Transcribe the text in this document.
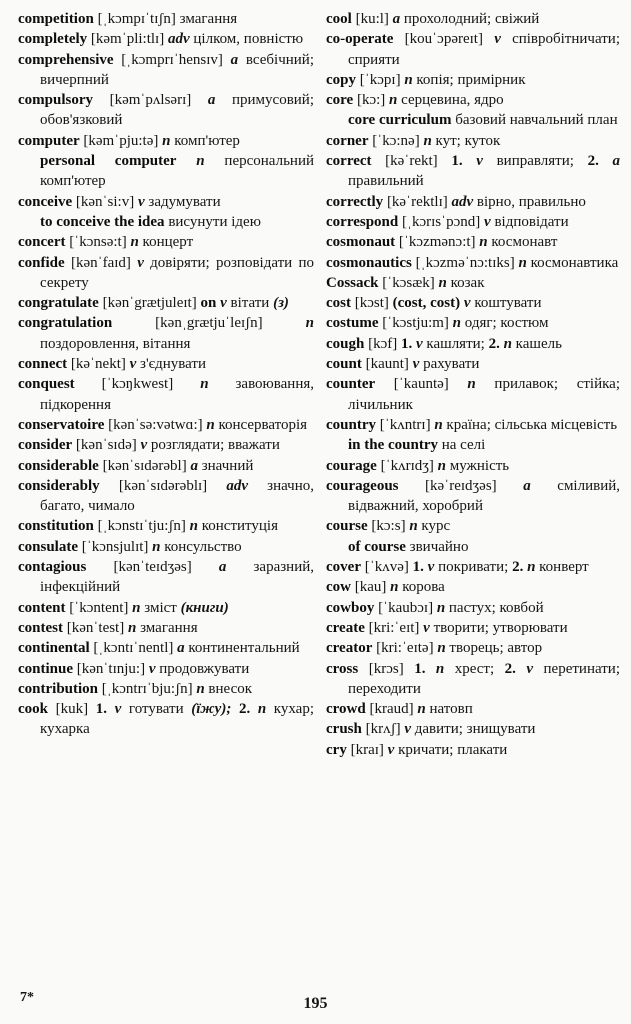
competition [ˌkɔmpɪˈtɪʃn] змагання
completely [kəmˈpli:tlɪ] adv цілком, повністю
comprehensive [ˌkɔmprɪˈhensɪv] a всебічний; вичерпний
compulsory [kəmˈpʌlsərɪ] a примусовий; обов'язковий
computer [kəmˈpju:tə] n комп'ютер
personal computer n персональний комп'ютер
conceive [kənˈsi:v] v задумувати
to conceive the idea висунути ідею
concert [ˈkɔnsə:t] n концерт
confide [kənˈfaɪd] v довіряти; розповідати по секрету
congratulate [kənˈgrætjuleɪt] on v вітати (з)
congratulation [kənˌgrætjuˈleɪʃn] n поздоровлення, вітання
connect [kəˈnekt] v з'єднувати
conquest [ˈkɔŋkwest] n завоювання, підкорення
conservatoire [kənˈsə:vətwɑ:] n консерваторія
consider [kənˈsɪdə] v розглядати; вважати
considerable [kənˈsɪdərəbl] a значний
considerably [kənˈsɪdərəblɪ] adv значно, багато, чимало
constitution [ˌkɔnstɪˈtju:ʃn] n конституція
consulate [ˈkɔnsjulɪt] n консульство
contagious [kənˈteɪdʒəs] a заразний, інфекційний
content [ˈkɔntent] n зміст (книги)
contest [kənˈtest] n змагання
continental [ˌkɔntɪˈnentl] a континентальний
continue [kənˈtɪnju:] v продовжувати
contribution [ˌkɔntrɪˈbju:ʃn] n внесок
cook [kuk] 1. v готувати (їжу); 2. n кухар; кухарка
cool [ku:l] a прохолодний; свіжий
co-operate [kouˈɔpəreɪt] v співробітничати; сприяти
copy [ˈkɔpɪ] n копія; примірник
core [kɔ:] n серцевина, ядро
core curriculum базовий навчальний план
corner [ˈkɔ:nə] n кут; куток
correct [kəˈrekt] 1. v виправляти; 2. a правильний
correctly [kəˈrektlɪ] adv вірно, правильно
correspond [ˌkɔrɪsˈpɔnd] v відповідати
cosmonaut [ˈkɔzmənɔ:t] n космонавт
cosmonautics [ˌkɔzməˈnɔ:tɪks] n космонавтика
Cossack [ˈkɔsæk] n козак
cost [kɔst] (cost, cost) v коштувати
costume [ˈkɔstju:m] n одяг; костюм
cough [kɔf] 1. v кашляти; 2. n кашель
count [kaunt] v рахувати
counter [ˈkauntə] n прилавок; стійка; лічильник
country [ˈkʌntrɪ] n країна; сільська місцевість
in the country на селі
courage [ˈkʌrɪdʒ] n мужність
courageous [kəˈreɪdʒəs] a сміливий, відважний, хоробрий
course [kɔ:s] n курс
of course звичайно
cover [ˈkʌvə] 1. v покривати; 2. n конверт
cow [kau] n корова
cowboy [ˈkaubɔɪ] n пастух; ковбой
create [kri:ˈeɪt] v творити; утворювати
creator [kri:ˈeɪtə] n творець; автор
cross [krɔs] 1. n хрест; 2. v перетинати; переходити
crowd [kraud] n натовп
crush [krʌʃ] v давити; знищувати
cry [kraɪ] v кричати; плакати
7*	195
